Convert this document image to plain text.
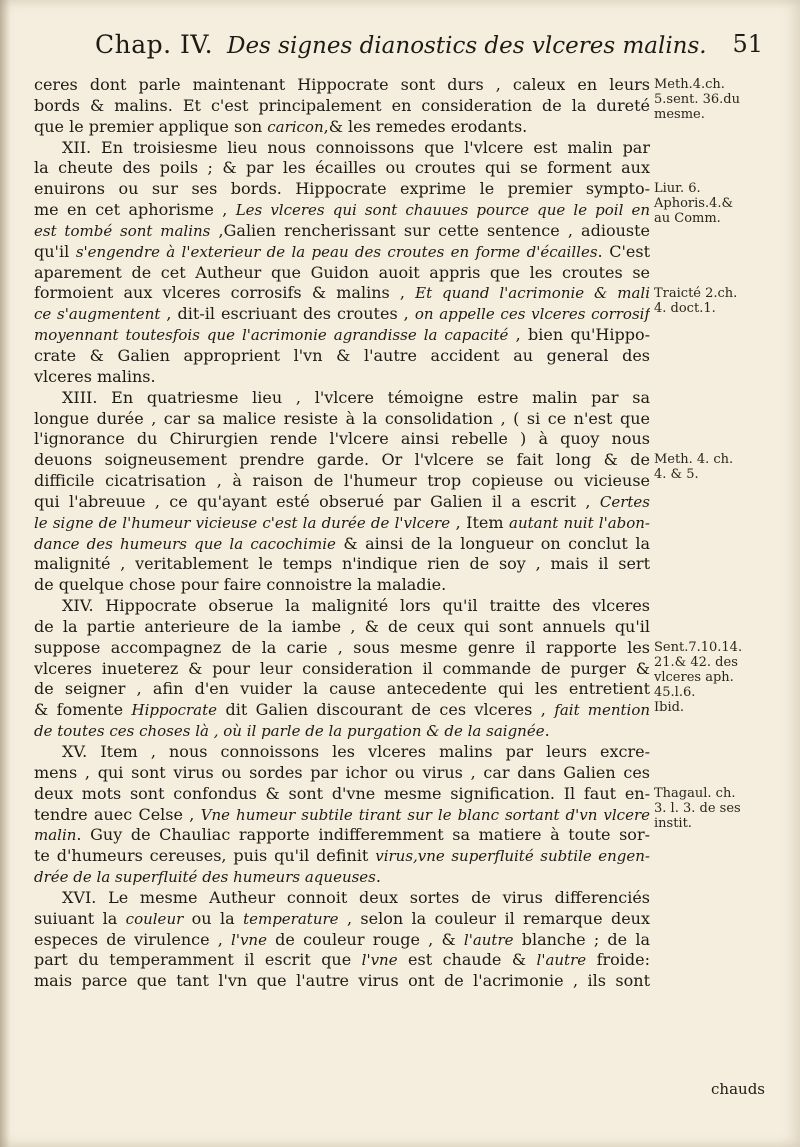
Chap. IV. Des signes dianostics des vlceres malins. 51
ceres dont parle maintenant Hippocrate sont durs , caleux en leurs
bords & malins. Et c'est principalement en consideration de la dureté
que le premier applique son caricon,& les remedes erodants.
XII. En troisiesme lieu nous connoissons que l'vlcere est malin par
la cheute des poils ; & par les écailles ou croutes qui se forment aux
enuirons ou sur ses bords. Hippocrate exprime le premier sympto-
me en cet aphorisme , Les vlceres qui sont chauues pource que le poil en
est tombé sont malins ,Galien rencherissant sur cette sentence , adiouste
qu'il s'engendre à l'exterieur de la peau des croutes en forme d'écailles. C'est
aparement de cet Autheur que Guidon auoit appris que les croutes se
formoient aux vlceres corrosifs & malins , Et quand l'acrimonie & mali
ce s'augmentent , dit-il escriuant des croutes , on appelle ces vlceres corrosif
moyennant toutesfois que l'acrimonie agrandisse la capacité , bien qu'Hippo-
crate & Galien approprient l'vn & l'autre accident au general des
vlceres malins.
XIII. En quatriesme lieu , l'vlcere témoigne estre malin par sa
longue durée , car sa malice resiste à la consolidation , ( si ce n'est que
l'ignorance du Chirurgien rende l'vlcere ainsi rebelle ) à quoy nous
deuons soigneusement prendre garde. Or l'vlcere se fait long & de
difficile cicatrisation , à raison de l'humeur trop copieuse ou vicieuse
qui l'abreuue , ce qu'ayant esté obserué par Galien il a escrit , Certes
le signe de l'humeur vicieuse c'est la durée de l'vlcere , Item autant nuit l'abon-
dance des humeurs que la cacochimie & ainsi de la longueur on conclut la
malignité , veritablement le temps n'indique rien de soy , mais il sert
de quelque chose pour faire connoistre la maladie.
XIV. Hippocrate obserue la malignité lors qu'il traitte des vlceres
de la partie anterieure de la iambe , & de ceux qui sont annuels qu'il
suppose accompagnez de la carie , sous mesme genre il rapporte les
vlceres inueterez & pour leur consideration il commande de purger &
de seigner , afin d'en vuider la cause antecedente qui les entretient
& fomente Hippocrate dit Galien discourant de ces vlceres , fait mention
de toutes ces choses là , où il parle de la purgation & de la saignée.
XV. Item , nous connoissons les vlceres malins par leurs excre-
mens , qui sont virus ou sordes par ichor ou virus , car dans Galien ces
deux mots sont confondus & sont d'vne mesme signification. Il faut en-
tendre auec Celse , Vne humeur subtile tirant sur le blanc sortant d'vn vlcere
malin. Guy de Chauliac rapporte indifferemment sa matiere à toute sor-
te d'humeurs cereuses, puis qu'il definit virus,vne superfluité subtile engen-
drée de la superfluité des humeurs aqueuses.
XVI. Le mesme Autheur connoit deux sortes de virus differenciés
suiuant la couleur ou la temperature , selon la couleur il remarque deux
especes de virulence , l'vne de couleur rouge , & l'autre blanche ; de la
part du temperamment il escrit que l'vne est chaude & l'autre froide:
mais parce que tant l'vn que l'autre virus ont de l'acrimonie , ils sont
Meth.4.ch.
5.sent. 36.du
mesme.
Liur. 6.
Aphoris.4.&
au Comm.
Traicté 2.ch.
4. doct.1.
Meth. 4. ch.
4. & 5.
Sent.7.10.14.
21.& 42. des
vlceres aph.
45.l.6.
Ibid.
Thagaul. ch.
3. l. 3. de ses
instit.
chauds
